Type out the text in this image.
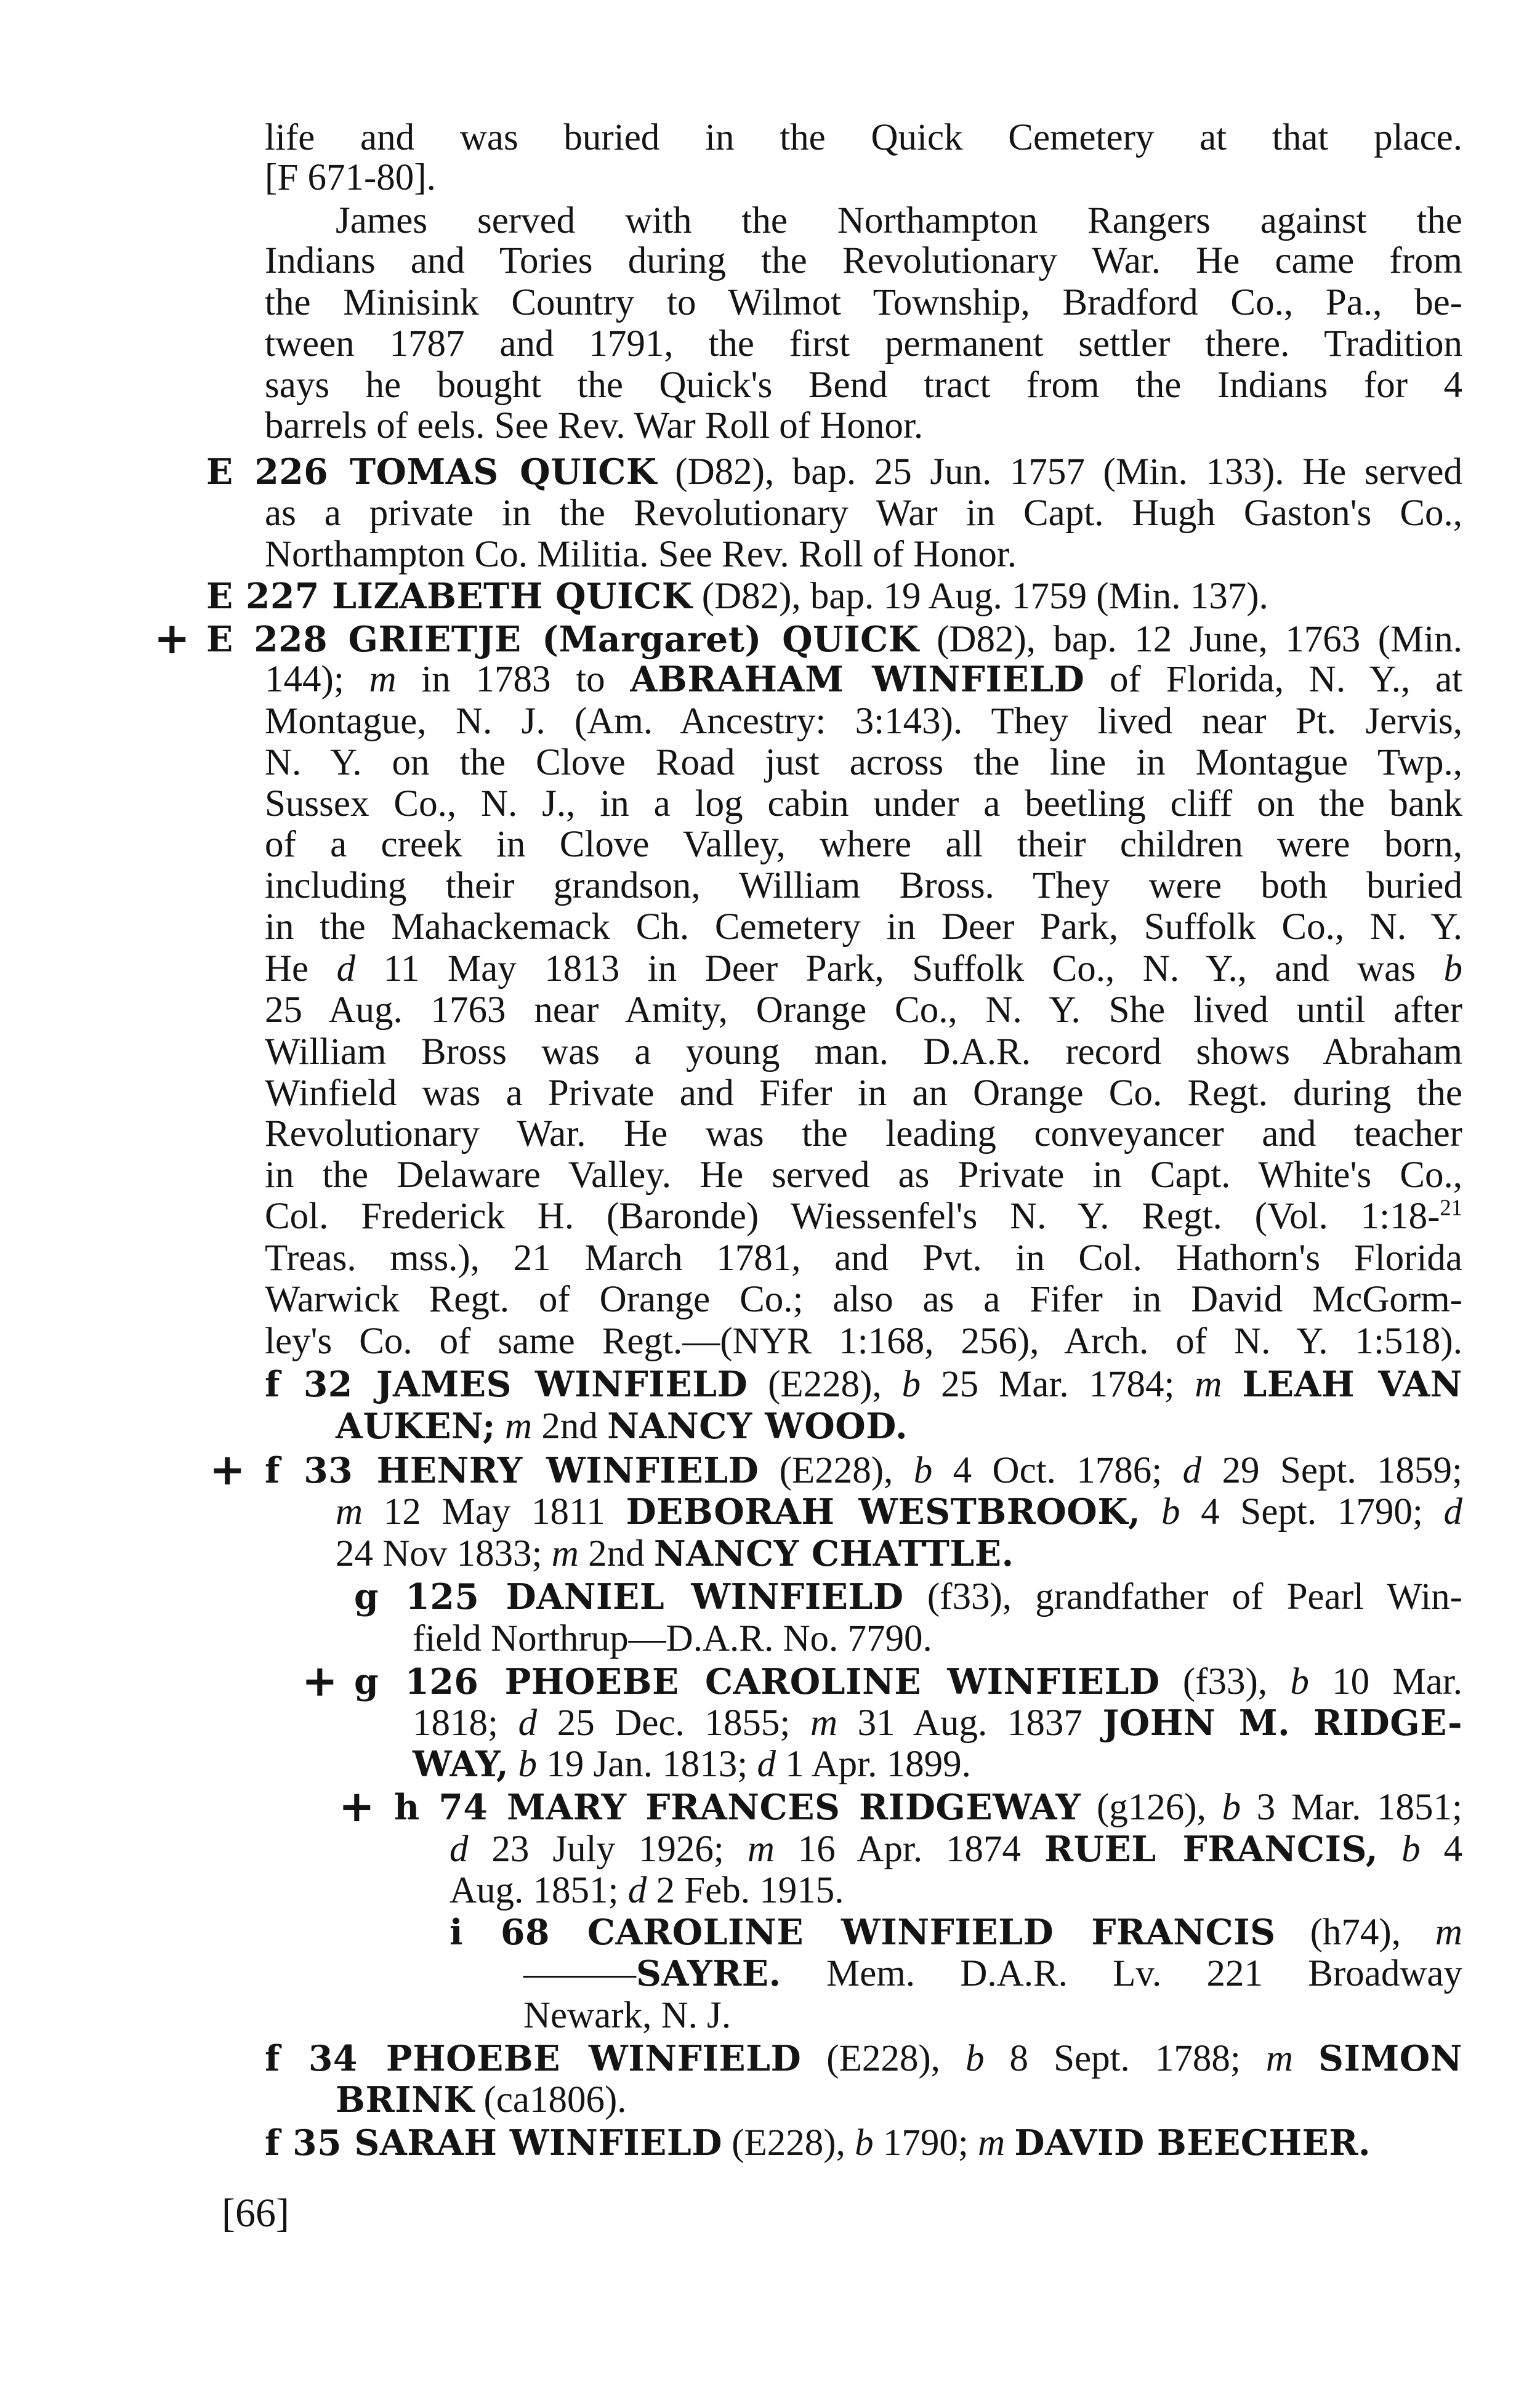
life and was buried in the Quick Cemetery at that place.

[F 671-80].

James served with the Northampton Rangers against the

Indians and Tories during the Revolutionary War. He came from

the Minisink Country to Wilmot Township, Bradford Co., Pa., be-

tween 1787 and 1791, the first permanent settler there. Tradition

says he bought the Quick's Bend tract from the Indians for 4

barrels of eels. See Rev. War Roll of Honor.

E 226 TOMAS QUICK (D82), bap. 25 Jun. 1757 (Min. 133). He served

as a private in the Revolutionary War in Capt. Hugh Gaston's Co.,

Northampton Co. Militia. See Rev. Roll of Honor.

E 227 LIZABETH QUICK (D82), bap. 19 Aug. 1759 (Min. 137).

+ E 228 GRIETJE (Margaret) QUICK (D82), bap. 12 June, 1763 (Min.

144); m in 1783 to ABRAHAM WINFIELD of Florida, N. Y., at

Montague, N. J. (Am. Ancestry: 3:143). They lived near Pt. Jervis,

N. Y. on the Clove Road just across the line in Montague Twp.,

Sussex Co., N. J., in a log cabin under a beetling cliff on the bank

of a creek in Clove Valley, where all their children were born,

including their grandson, William Bross. They were both buried

in the Mahackemack Ch. Cemetery in Deer Park, Suffolk Co., N. Y.

He d 11 May 1813 in Deer Park, Suffolk Co., N. Y., and was b

25 Aug. 1763 near Amity, Orange Co., N. Y. She lived until after

William Bross was a young man. D.A.R. record shows Abraham

Winfield was a Private and Fifer in an Orange Co. Regt. during the

Revolutionary War. He was the leading conveyancer and teacher

in the Delaware Valley. He served as Private in Capt. White's Co.,

Col. Frederick H. (Baronde) Wiessenfel's N. Y. Regt. (Vol. 1:18-$^{21}$

Treas. mss.), 21 March 1781, and Pvt. in Col. Hathorn's Florida

Warwick Regt. of Orange Co.; also as a Fifer in David McGorm-

ley's Co. of same Regt.—(NYR 1:168, 256), Arch. of N. Y. 1:518).

f 32 JAMES WINFIELD (E228), b 25 Mar. 1784; m LEAH VAN

AUKEN; m 2nd NANCY WOOD.

+ f 33 HENRY WINFIELD (E228), b 4 Oct. 1786; d 29 Sept. 1859;

m 12 May 1811 DEBORAH WESTBROOK, b 4 Sept. 1790; d

24 Nov 1833; m 2nd NANCY CHATTLE.

g 125 DANIEL WINFIELD (f33), grandfather of Pearl Win-

field Northrup—D.A.R. No. 7790.

+ g 126 PHOEBE CAROLINE WINFIELD (f33), b 10 Mar.

1818; d 25 Dec. 1855; m 31 Aug. 1837 JOHN M. RIDGE-

WAY, b 19 Jan. 1813; d 1 Apr. 1899.

+ h 74 MARY FRANCES RIDGEWAY (g126), b 3 Mar. 1851;

d 23 July 1926; m 16 Apr. 1874 RUEL FRANCIS, b 4

Aug. 1851; d 2 Feb. 1915.

i 68 CAROLINE WINFIELD FRANCIS (h74), m

———SAYRE. Mem. D.A.R. Lv. 221 Broadway

Newark, N. J.

f 34 PHOEBE WINFIELD (E228), b 8 Sept. 1788; m SIMON

BRINK (ca1806).

f 35 SARAH WINFIELD (E228), b 1790; m DAVID BEECHER.

[66]
